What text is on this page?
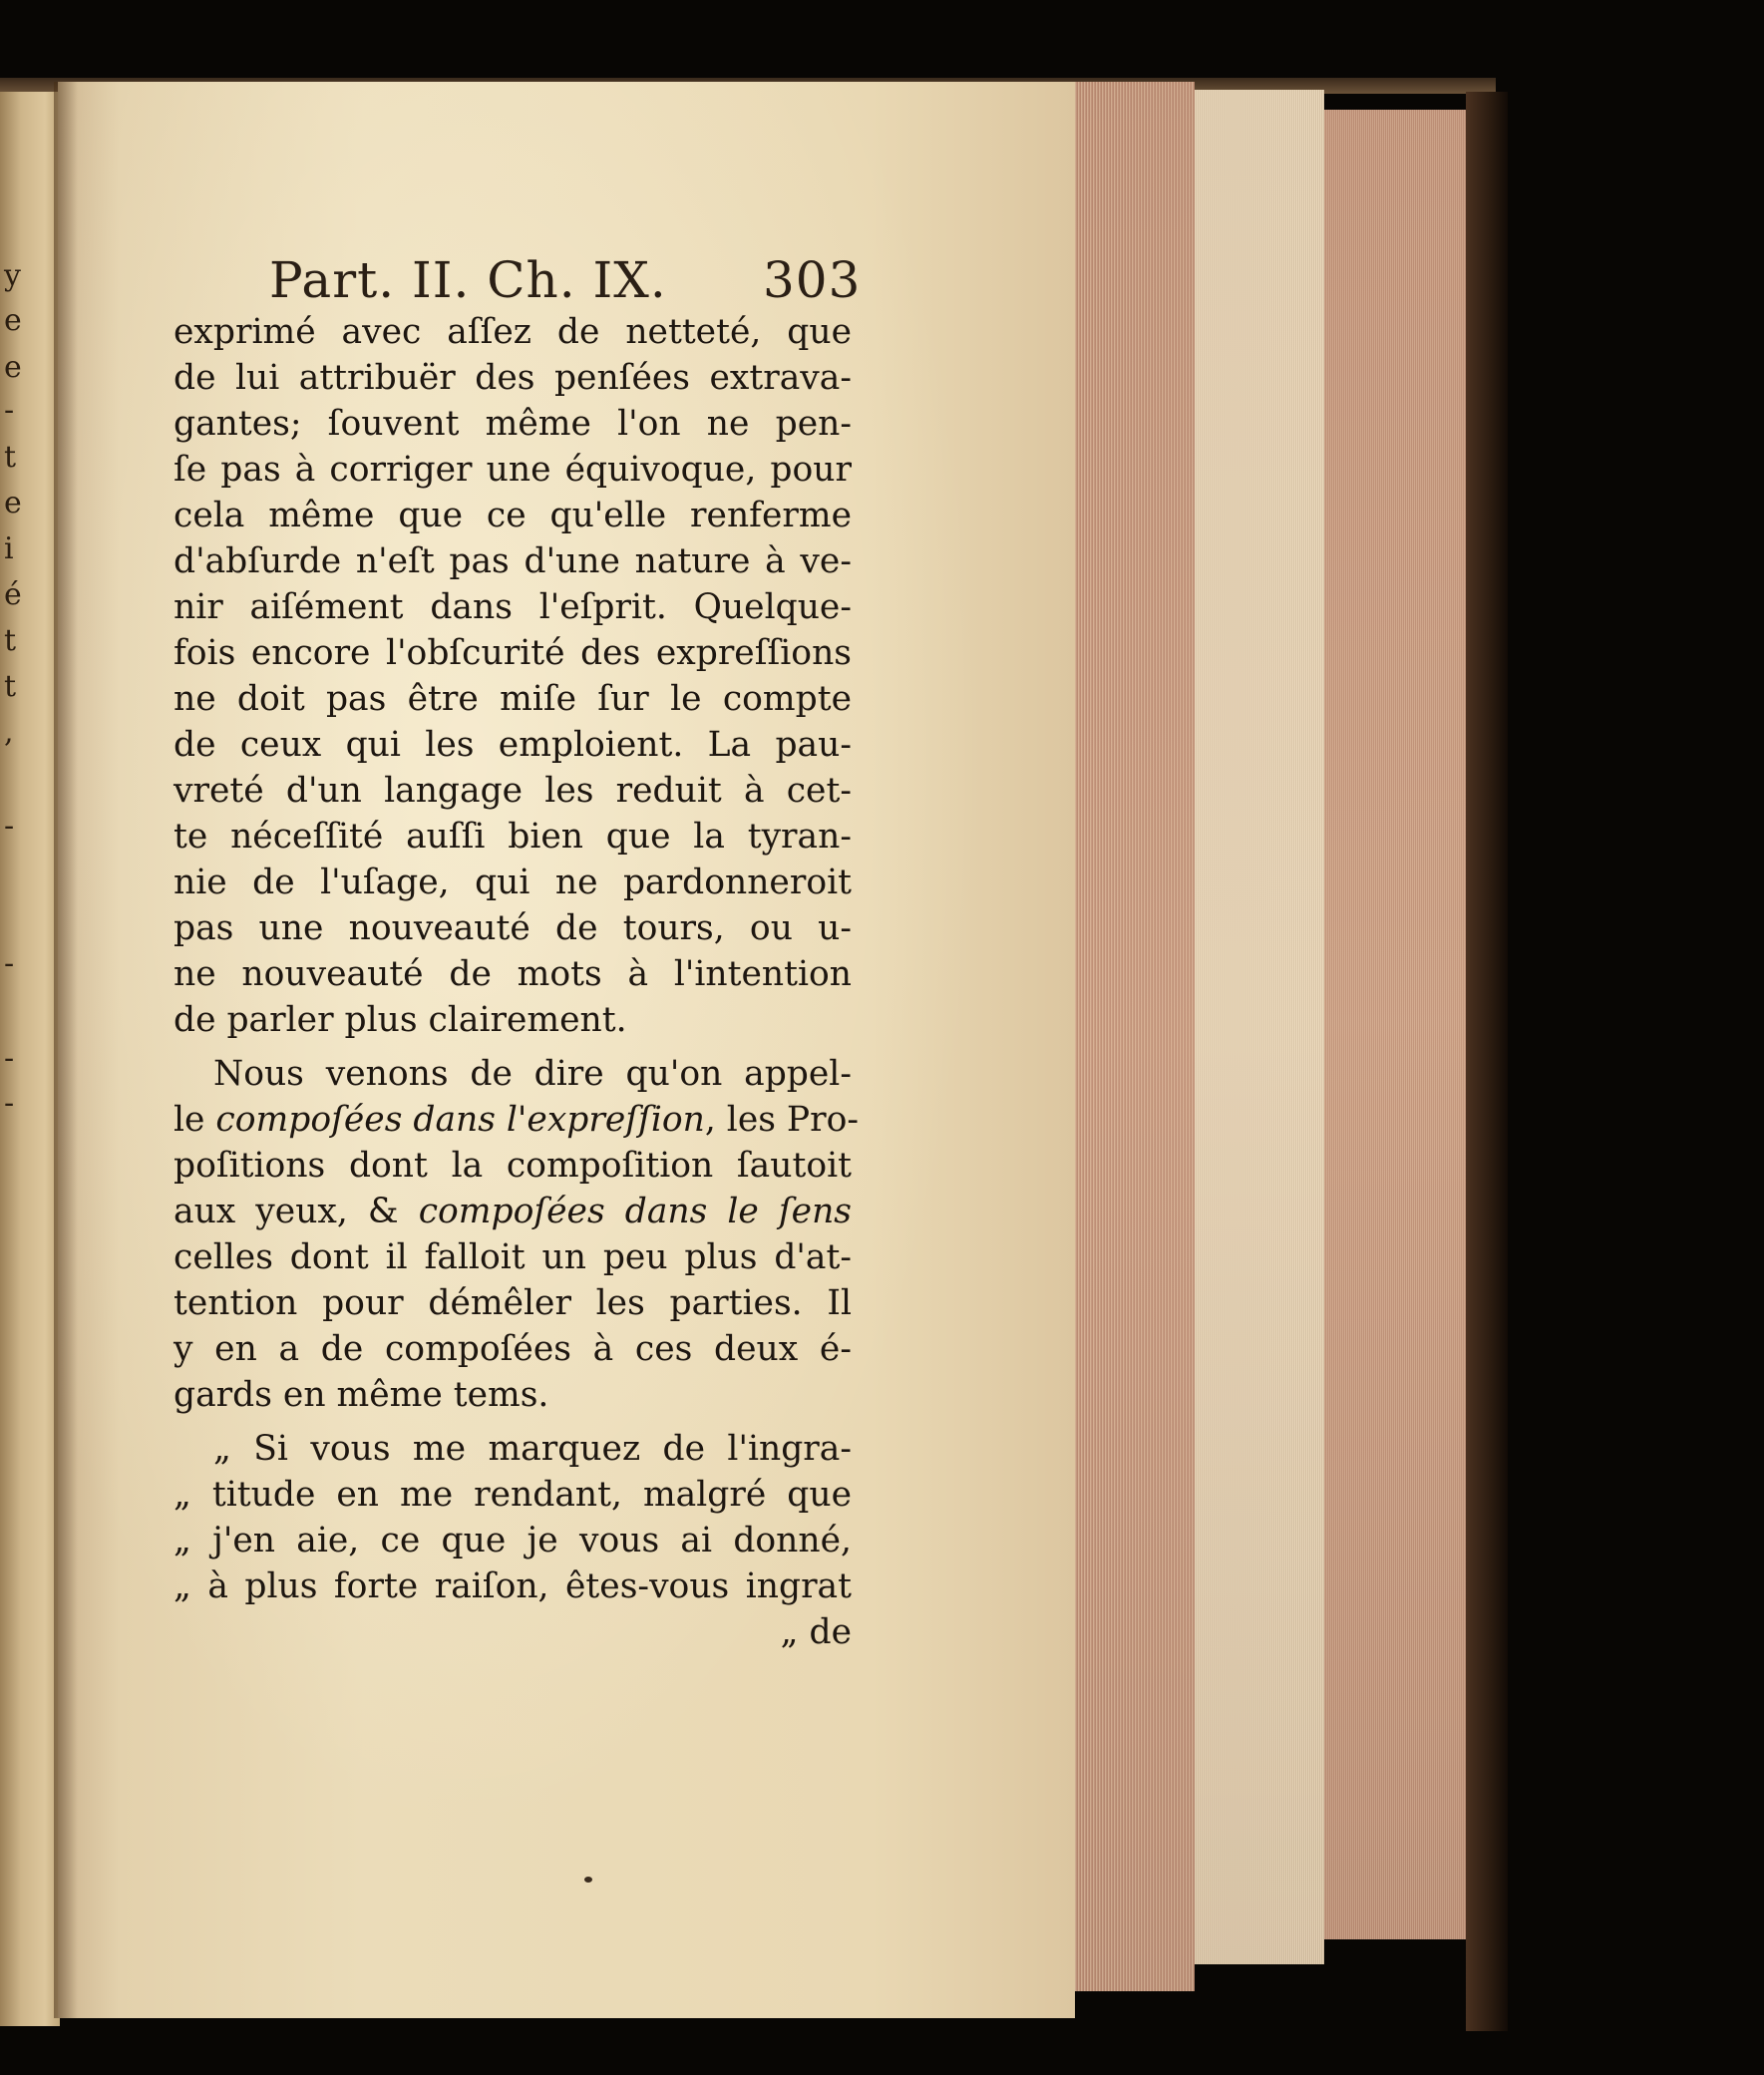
y
e
e
-
t
e
i
é
t
t
,
-
-
-
-
Part. II. Ch. IX. 303
exprimé avec aſſez de netteté, que
de lui attribuër des penſées extrava-
gantes; ſouvent même l'on ne pen-
ſe pas à corriger une équivoque, pour
cela même que ce qu'elle renferme
d'abſurde n'eſt pas d'une nature à ve-
nir aiſément dans l'eſprit. Quelque-
fois encore l'obſcurité des expreſſions
ne doit pas être miſe ſur le compte
de ceux qui les emploient. La pau-
vreté d'un langage les reduit à cet-
te néceſſité auſſi bien que la tyran-
nie de l'uſage, qui ne pardonneroit
pas une nouveauté de tours, ou u-
ne nouveauté de mots à l'intention
de parler plus clairement.
Nous venons de dire qu'on appel-
le compoſées dans l'expreſſion, les Pro-
poſitions dont la compoſition ſautoit
aux yeux, & compoſées dans le ſens
celles dont il falloit un peu plus d'at-
tention pour démêler les parties. Il
y en a de compoſées à ces deux é-
gards en même tems.
„ Si vous me marquez de l'ingra-
„ titude en me rendant, malgré que
„ j'en aie, ce que je vous ai donné,
„ à plus forte raiſon, êtes-vous ingrat
„ de
